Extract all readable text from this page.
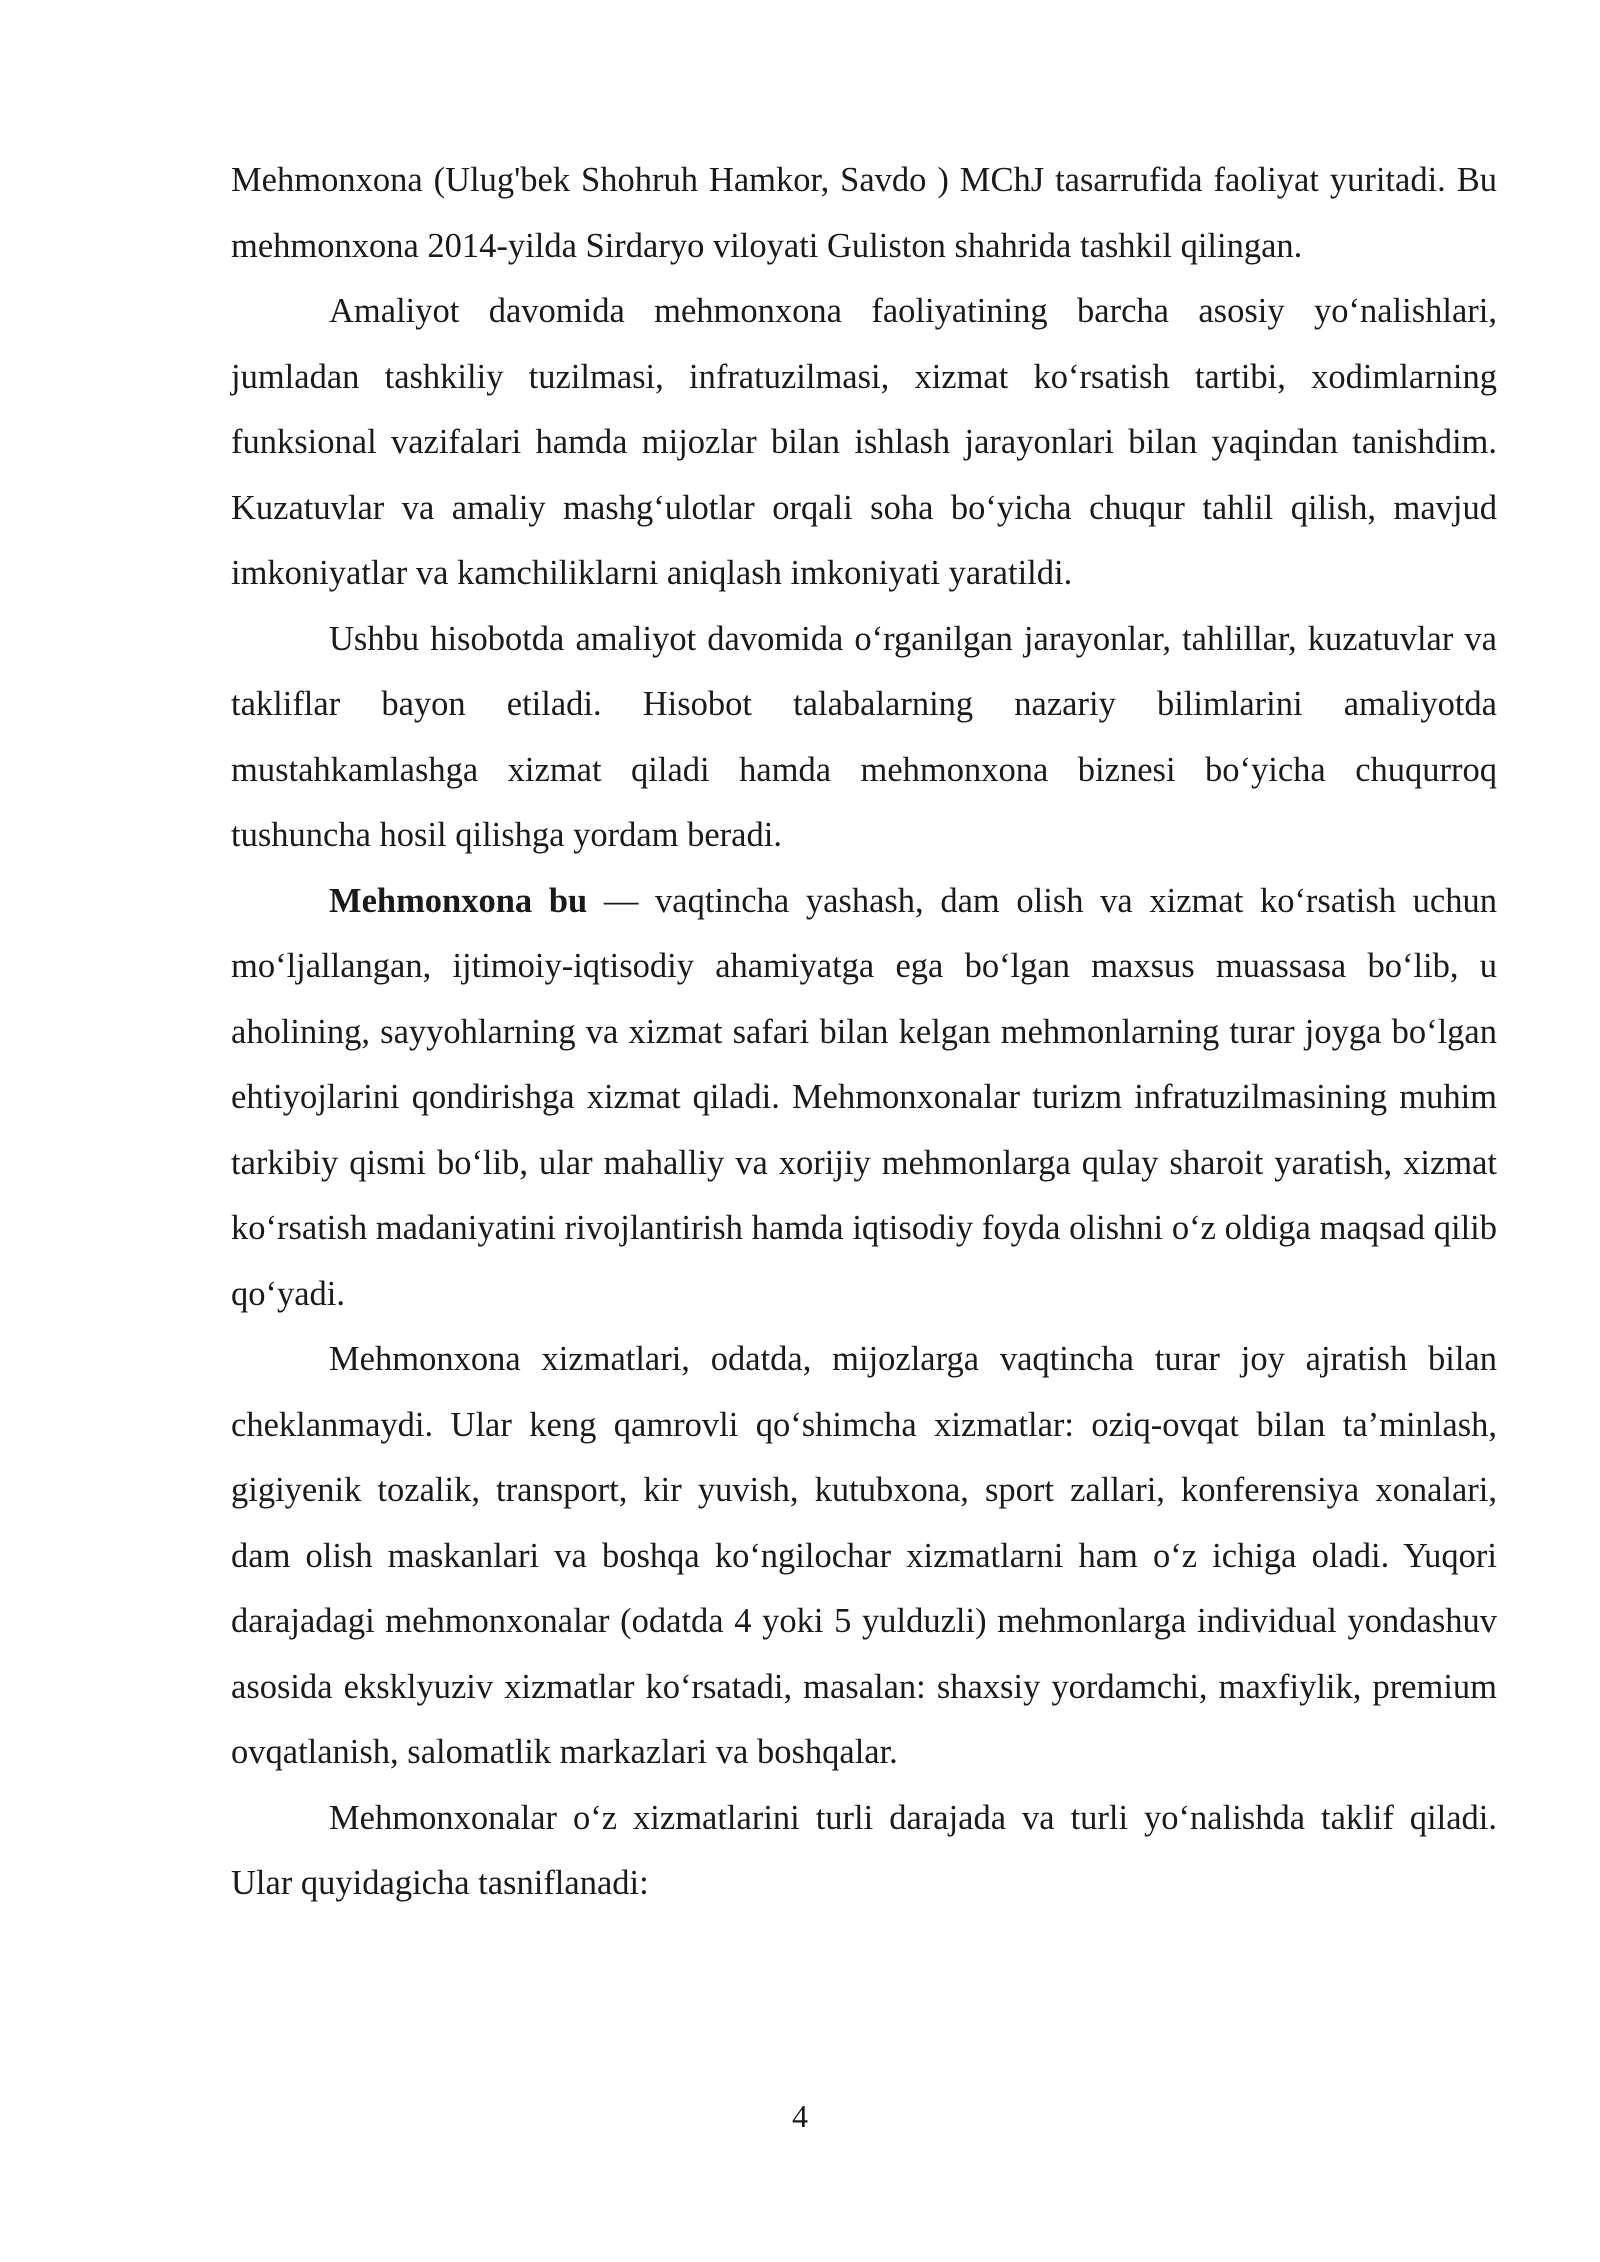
Mehmonxona (Ulug'bek Shohruh Hamkor, Savdo ) MChJ tasarrufida faoliyat yuritadi. Bu mehmonxona 2014-yilda Sirdaryo viloyati Guliston shahrida tashkil qilingan.

Amaliyot davomida mehmonxona faoliyatining barcha asosiy yo‘nalishlari, jumladan tashkiliy tuzilmasi, infratuzilmasi, xizmat ko‘rsatish tartibi, xodimlarning funksional vazifalari hamda mijozlar bilan ishlash jarayonlari bilan yaqindan tanishdim. Kuzatuvlar va amaliy mashg‘ulotlar orqali soha bo‘yicha chuqur tahlil qilish, mavjud imkoniyatlar va kamchiliklarni aniqlash imkoniyati yaratildi.

Ushbu hisobotda amaliyot davomida o‘rganilgan jarayonlar, tahlillar, kuzatuvlar va takliflar bayon etiladi. Hisobot talabalarning nazariy bilimlarini amaliyotda mustahkamlashga xizmat qiladi hamda mehmonxona biznesi bo‘yicha chuqurroq tushuncha hosil qilishga yordam beradi.

Mehmonxona bu — vaqtincha yashash, dam olish va xizmat ko‘rsatish uchun mo‘ljallangan, ijtimoiy-iqtisodiy ahamiyatga ega bo‘lgan maxsus muassasa bo‘lib, u aholining, sayyohlarning va xizmat safari bilan kelgan mehmonlarning turar joyga bo‘lgan ehtiyojlarini qondirishga xizmat qiladi. Mehmonxonalar turizm infratuzilmasining muhim tarkibiy qismi bo‘lib, ular mahalliy va xorijiy mehmonlarga qulay sharoit yaratish, xizmat ko‘rsatish madaniyatini rivojlantirish hamda iqtisodiy foyda olishni o‘z oldiga maqsad qilib qo‘yadi.

Mehmonxona xizmatlari, odatda, mijozlarga vaqtincha turar joy ajratish bilan cheklanmaydi. Ular keng qamrovli qo‘shimcha xizmatlar: oziq-ovqat bilan ta’minlash, gigiyenik tozalik, transport, kir yuvish, kutubxona, sport zallari, konferensiya xonalari, dam olish maskanlari va boshqa ko‘ngilochar xizmatlarni ham o‘z ichiga oladi. Yuqori darajadagi mehmonxonalar (odatda 4 yoki 5 yulduzli) mehmonlarga individual yondashuv asosida eksklyuziv xizmatlar ko‘rsatadi, masalan: shaxsiy yordamchi, maxfiylik, premium ovqatlanish, salomatlik markazlari va boshqalar.

Mehmonxonalar o‘z xizmatlarini turli darajada va turli yo‘nalishda taklif qiladi. Ular quyidagicha tasniflanadi:

4
